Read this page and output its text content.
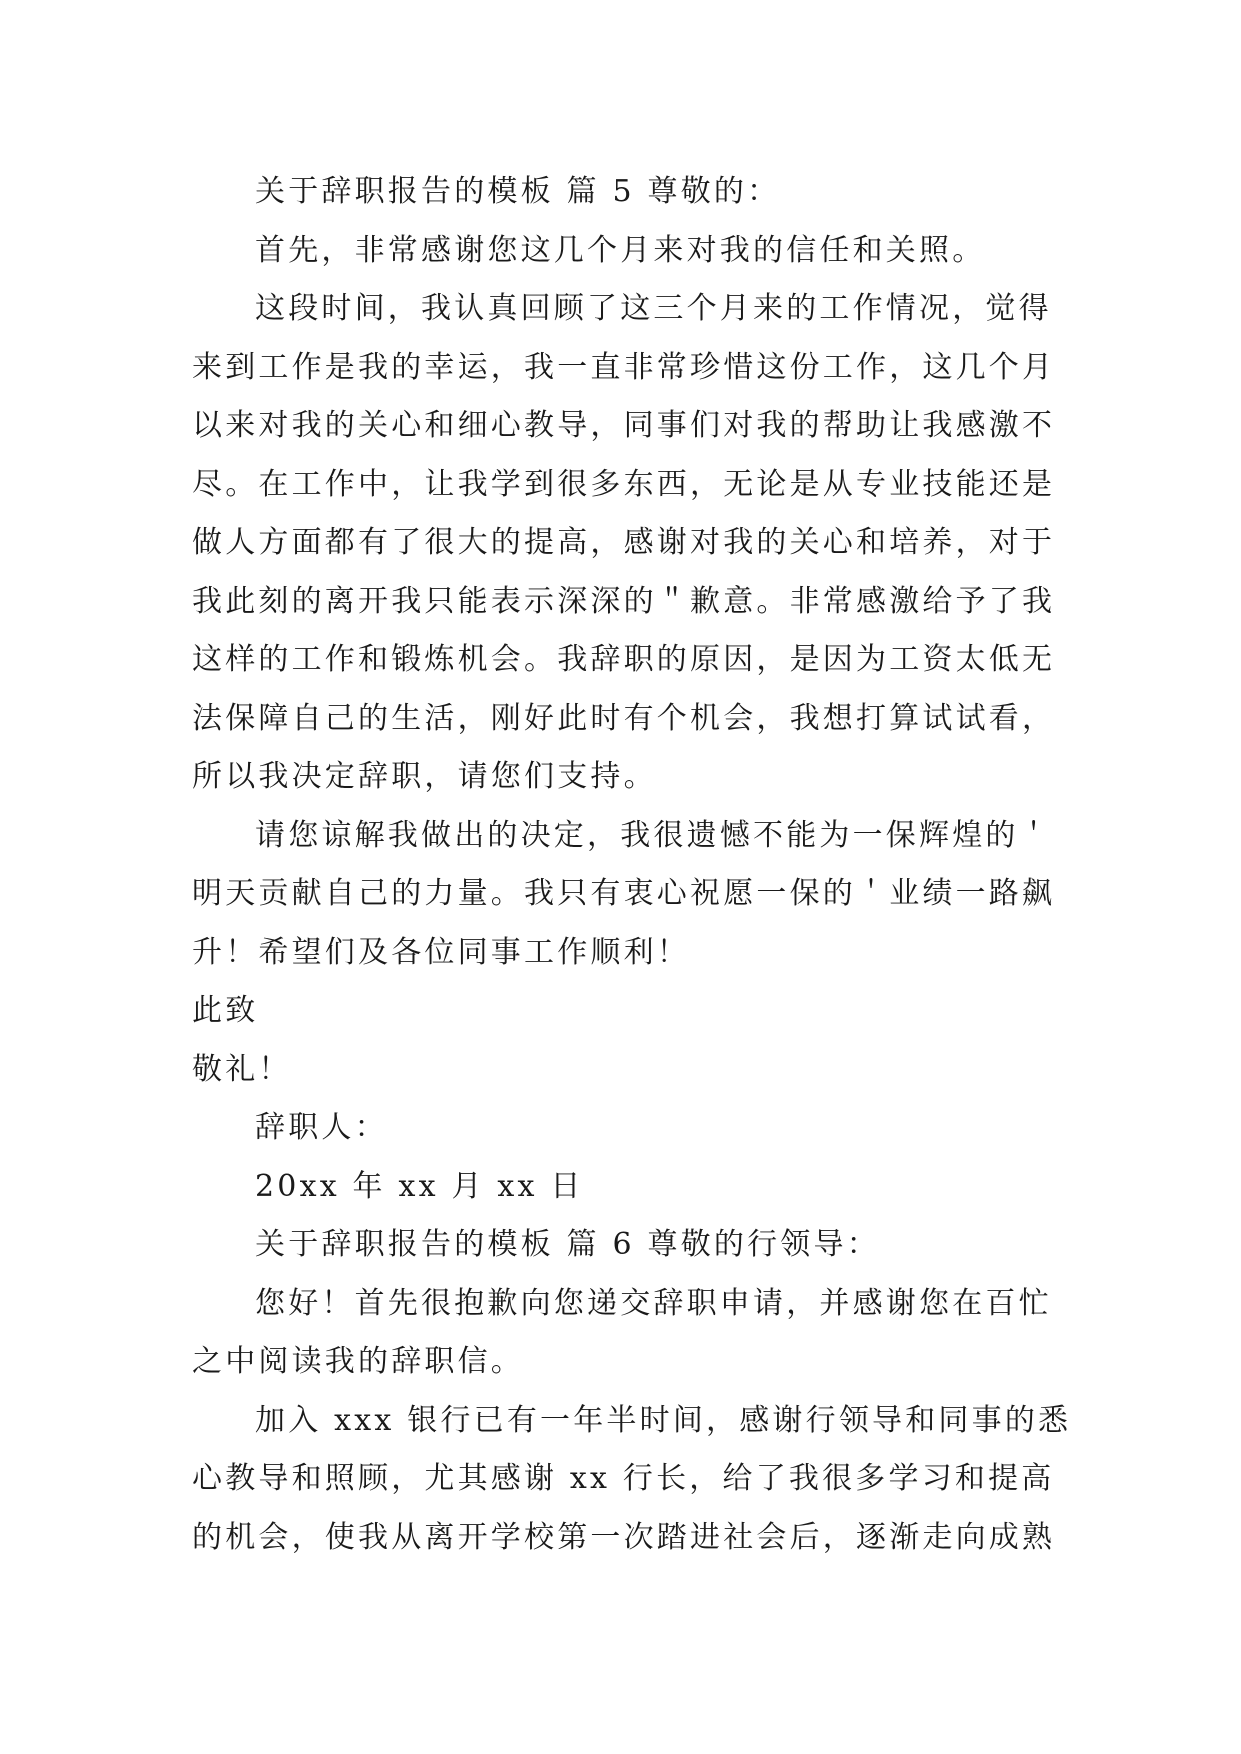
关于辞职报告的模板 篇 5 尊敬的：
首先，非常感谢您这几个月来对我的信任和关照。
这段时间，我认真回顾了这三个月来的工作情况，觉得
来到工作是我的幸运，我一直非常珍惜这份工作，这几个月
以来对我的关心和细心教导，同事们对我的帮助让我感激不
尽。在工作中，让我学到很多东西，无论是从专业技能还是
做人方面都有了很大的提高，感谢对我的关心和培养，对于
我此刻的离开我只能表示深深的＂歉意。非常感激给予了我
这样的工作和锻炼机会。我辞职的原因，是因为工资太低无
法保障自己的生活，刚好此时有个机会，我想打算试试看，
所以我决定辞职，请您们支持。
请您谅解我做出的决定，我很遗憾不能为一保辉煌的＇
明天贡献自己的力量。我只有衷心祝愿一保的＇业绩一路飙
升！希望们及各位同事工作顺利！
此致
敬礼！
辞职人：
20xx 年 xx 月 xx 日
关于辞职报告的模板 篇 6 尊敬的行领导：
您好！首先很抱歉向您递交辞职申请，并感谢您在百忙
之中阅读我的辞职信。
加入 xxx 银行已有一年半时间，感谢行领导和同事的悉
心教导和照顾，尤其感谢 xx 行长，给了我很多学习和提高
的机会，使我从离开学校第一次踏进社会后，逐渐走向成熟
